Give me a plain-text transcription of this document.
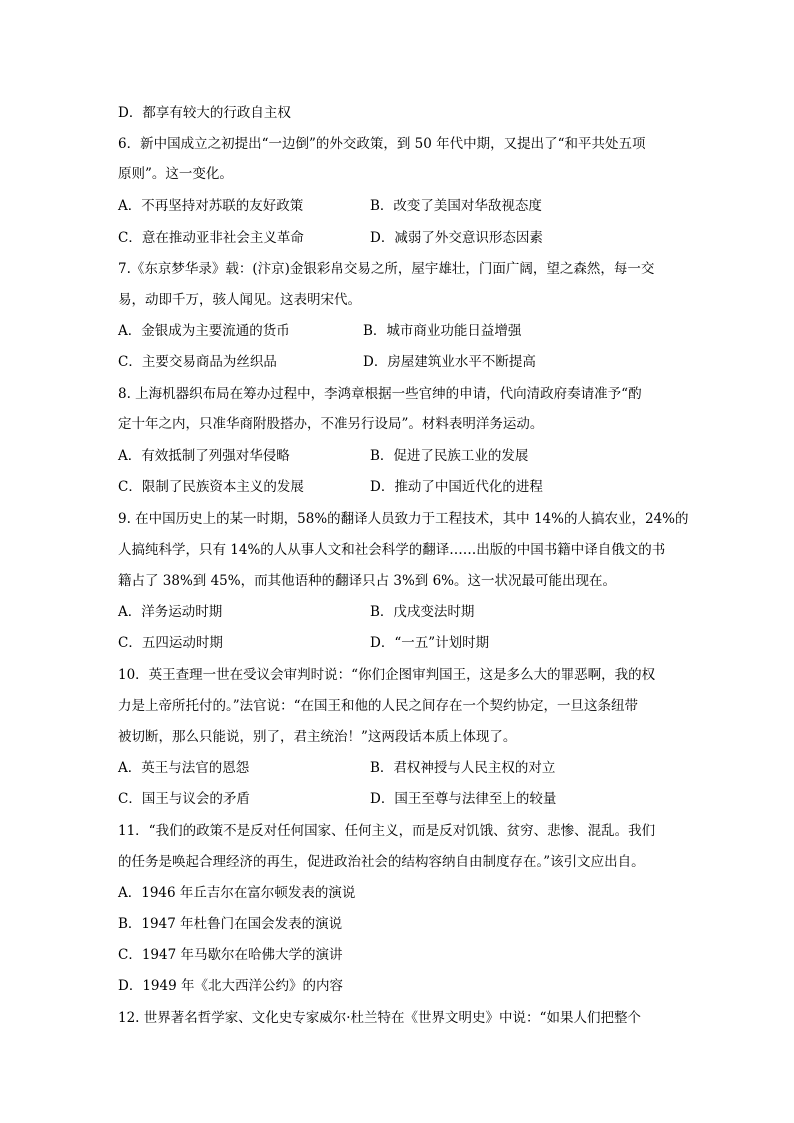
D．都享有较大的行政自主权
6．新中国成立之初提出“一边倒”的外交政策，到 50 年代中期，又提出了“和平共处五项
原则”。这一变化。
A．不再坚持对苏联的友好政策	B．改变了美国对华敌视态度
C．意在推动亚非社会主义革命	D．减弱了外交意识形态因素
7.《东京梦华录》载：(汴京)金银彩帛交易之所，屋宇雄壮，门面广阔，望之森然，每一交
易，动即千万，骇人闻见。这表明宋代。
A．金银成为主要流通的货币	B．城市商业功能日益增强
C．主要交易商品为丝织品	D．房屋建筑业水平不断提高
8. 上海机器织布局在筹办过程中，李鸿章根据一些官绅的申请，代向清政府奏请准予“酌
定十年之内，只准华商附股搭办，不准另行设局”。材料表明洋务运动。
A．有效抵制了列强对华侵略	B．促进了民族工业的发展
C．限制了民族资本主义的发展	D．推动了中国近代化的进程
9. 在中国历史上的某一时期，58%的翻译人员致力于工程技术，其中 14%的人搞农业，24%的
人搞纯科学，只有 14%的人从事人文和社会科学的翻译……出版的中国书籍中译自俄文的书
籍占了 38%到 45%，而其他语种的翻译只占 3%到 6%。这一状况最可能出现在。
A．洋务运动时期	B．戊戌变法时期
C．五四运动时期	D．“一五”计划时期
10．英王查理一世在受议会审判时说：“你们企图审判国王，这是多么大的罪恶啊，我的权
力是上帝所托付的。”法官说：“在国王和他的人民之间存在一个契约协定，一旦这条纽带
被切断，那么只能说，别了，君主统治！”这两段话本质上体现了。
A．英王与法官的恩怨	B．君权神授与人民主权的对立
C．国王与议会的矛盾	D．国王至尊与法律至上的较量
11．“我们的政策不是反对任何国家、任何主义，而是反对饥饿、贫穷、悲惨、混乱。我们
的任务是唤起合理经济的再生，促进政治社会的结构容纳自由制度存在。”该引文应出自。
A．1946 年丘吉尔在富尔顿发表的演说
B．1947 年杜鲁门在国会发表的演说
C．1947 年马歇尔在哈佛大学的演讲
D．1949 年《北大西洋公约》的内容
12. 世界著名哲学家、文化史专家威尔·杜兰特在《世界文明史》中说：“如果人们把整个
